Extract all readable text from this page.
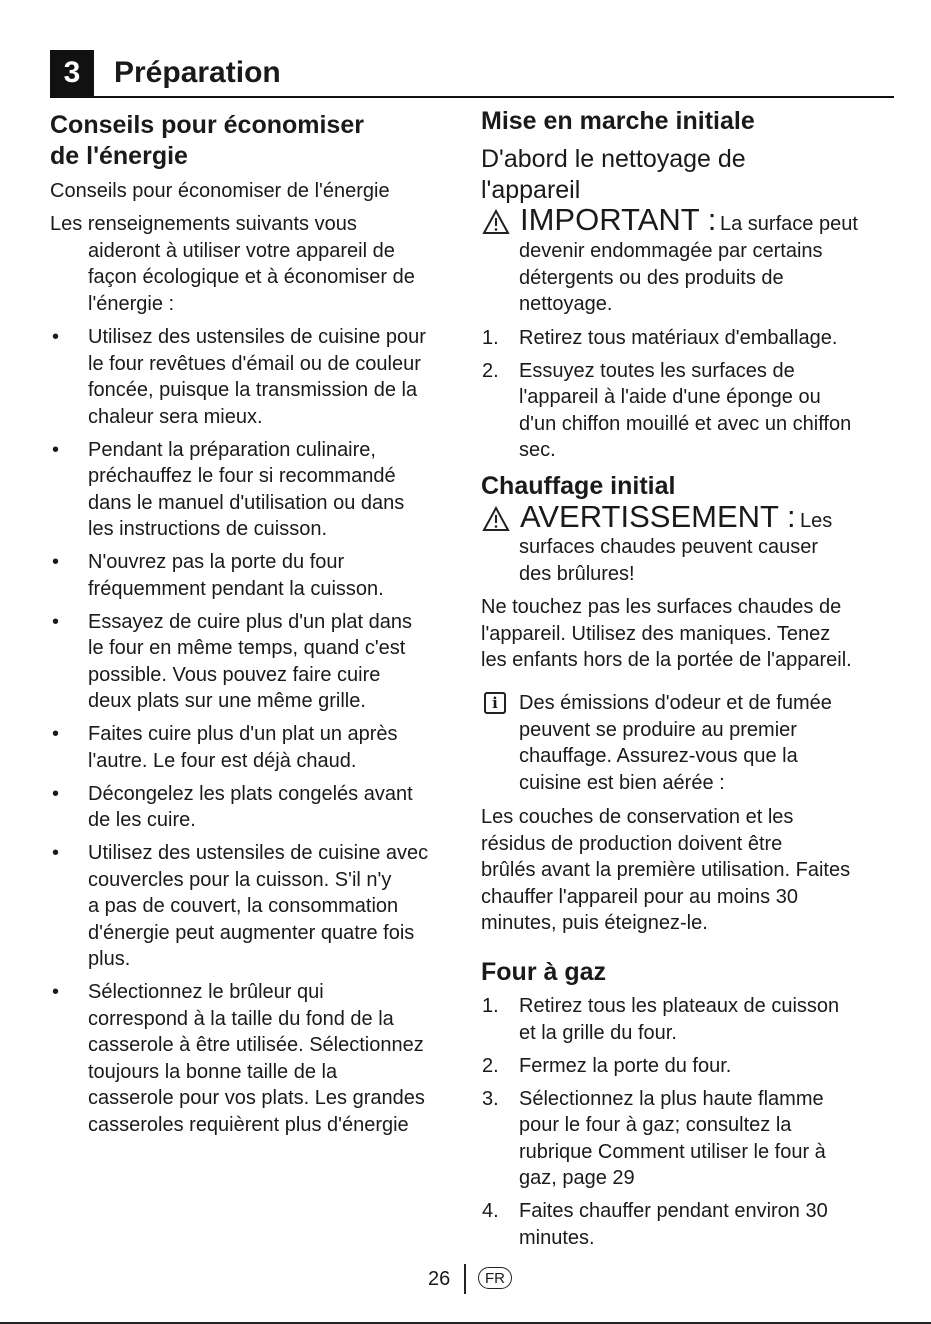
3	Préparation
Conseils pour économiser
de l'énergie
Conseils pour économiser de l'énergie
Les renseignements suivants vous
aideront à utiliser votre appareil de
façon écologique et à économiser de
l'énergie :
• Utilisez des ustensiles de cuisine pour
le four revêtues d'émail ou de couleur
foncée, puisque la transmission de la
chaleur sera mieux.
• Pendant la préparation culinaire,
préchauffez le four si recommandé
dans le manuel d'utilisation ou dans
les instructions de cuisson.
• N'ouvrez pas la porte du four
fréquemment pendant la cuisson.
• Essayez de cuire plus d'un plat dans
le four en même temps, quand c'est
possible. Vous pouvez faire cuire
deux plats sur une même grille.
• Faites cuire plus d'un plat un après
l'autre. Le four est déjà chaud.
• Décongelez les plats congelés avant
de les cuire.
• Utilisez des ustensiles de cuisine avec
couvercles pour la cuisson. S'il n'y
a pas de couvert, la consommation
d'énergie peut augmenter quatre fois
plus.
• Sélectionnez le brûleur qui
correspond à la taille du fond de la
casserole à être utilisée. Sélectionnez
toujours la bonne taille de la
casserole pour vos plats. Les grandes
casseroles requièrent plus d'énergie
Mise en marche initiale
D'abord le nettoyage de
l'appareil
IMPORTANT : La surface peut
devenir endommagée par certains
détergents ou des produits de
nettoyage.
1. Retirez tous matériaux d'emballage.
2. Essuyez toutes les surfaces de
l'appareil à l'aide d'une éponge ou
d'un chiffon mouillé et avec un chiffon
sec.
Chauffage initial
AVERTISSEMENT : Les
surfaces chaudes peuvent causer
des brûlures!
Ne touchez pas les surfaces chaudes de
l'appareil. Utilisez des maniques. Tenez
les enfants hors de la portée de l'appareil.
i	Des émissions d'odeur et de fumée
peuvent se produire au premier
chauffage. Assurez-vous que la
cuisine est bien aérée :
Les couches de conservation et les
résidus de production doivent être
brûlés avant la première utilisation. Faites
chauffer l'appareil pour au moins 30
minutes, puis éteignez-le.
Four à gaz
1. Retirez tous les plateaux de cuisson
et la grille du four.
2. Fermez la porte du four.
3. Sélectionnez la plus haute flamme
pour le four à gaz; consultez la
rubrique Comment utiliser le four à
gaz, page 29
4. Faites chauffer pendant environ 30
minutes.
26	FR
